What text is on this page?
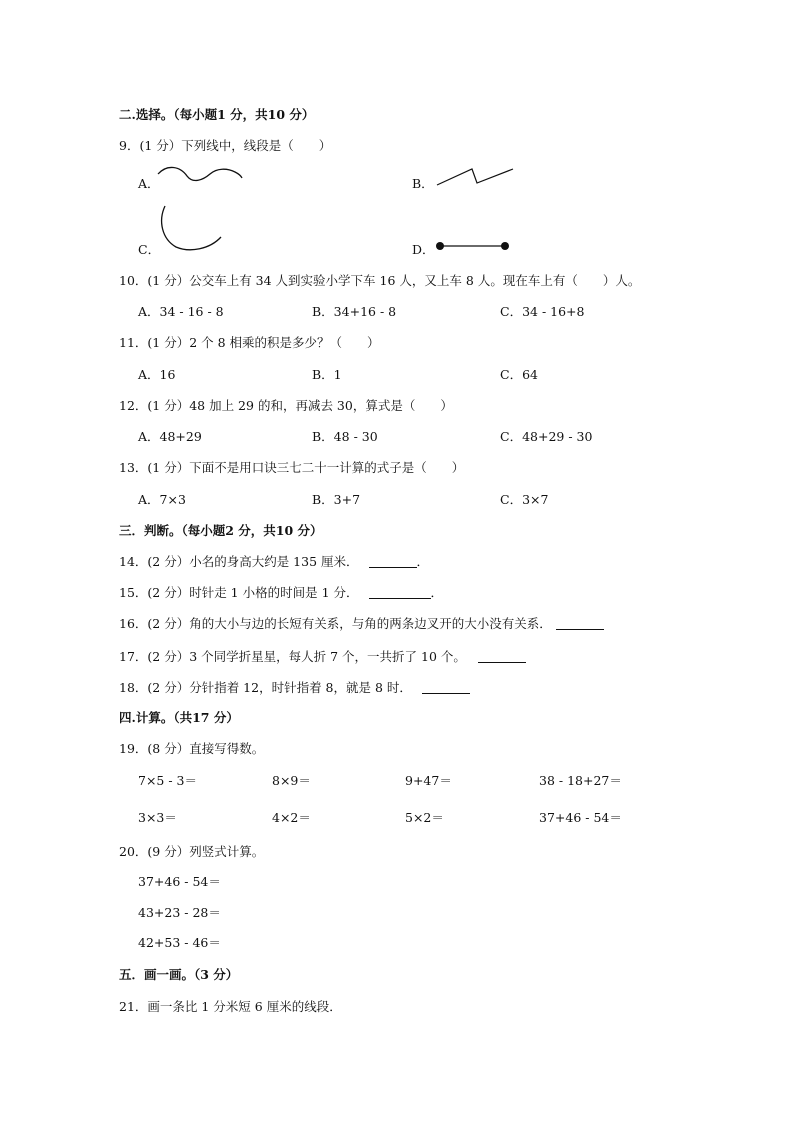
二.选择。（每小题1 分，共10 分）
9．(1 分）下列线中，线段是（　　）
A．	B．
C．	D．
10．(1 分）公交车上有 34 人到实验小学下车 16 人，又上车 8 人。现在车上有（　　）人。
A．34 - 16 - 8	B．34+16 - 8	C．34 - 16+8
11．(1 分）2 个 8 相乘的积是多少？（　　）
A．16	B．1	C．64
12．(1 分）48 加上 29 的和，再减去 30，算式是（　　）
A．48+29	B．48 - 30	C．48+29 - 30
13．(1 分）下面不是用口诀三七二十一计算的式子是（　　）
A．7×3	B．3+7	C．3×7
三．判断。（每小题2 分，共10 分）
14．(2 分）小名的身高大约是 135 厘米．	．
15．(2 分）时针走 1 小格的时间是 1 分．	．
16．(2 分）角的大小与边的长短有关系，与角的两条边叉开的大小没有关系．
17．(2 分）3 个同学折星星，每人折 7 个，一共折了 10 个。
18．(2 分）分针指着 12，时针指着 8，就是 8 时．
四.计算。（共17 分）
19．(8 分）直接写得数。
7×5 - 3＝	8×9＝	9+47＝	38 - 18+27＝
3×3＝	4×2＝	5×2＝	37+46 - 54＝
20．(9 分）列竖式计算。
37+46 - 54＝
43+23 - 28＝
42+53 - 46＝
五．画一画。（3 分）
21．画一条比 1 分米短 6 厘米的线段．
